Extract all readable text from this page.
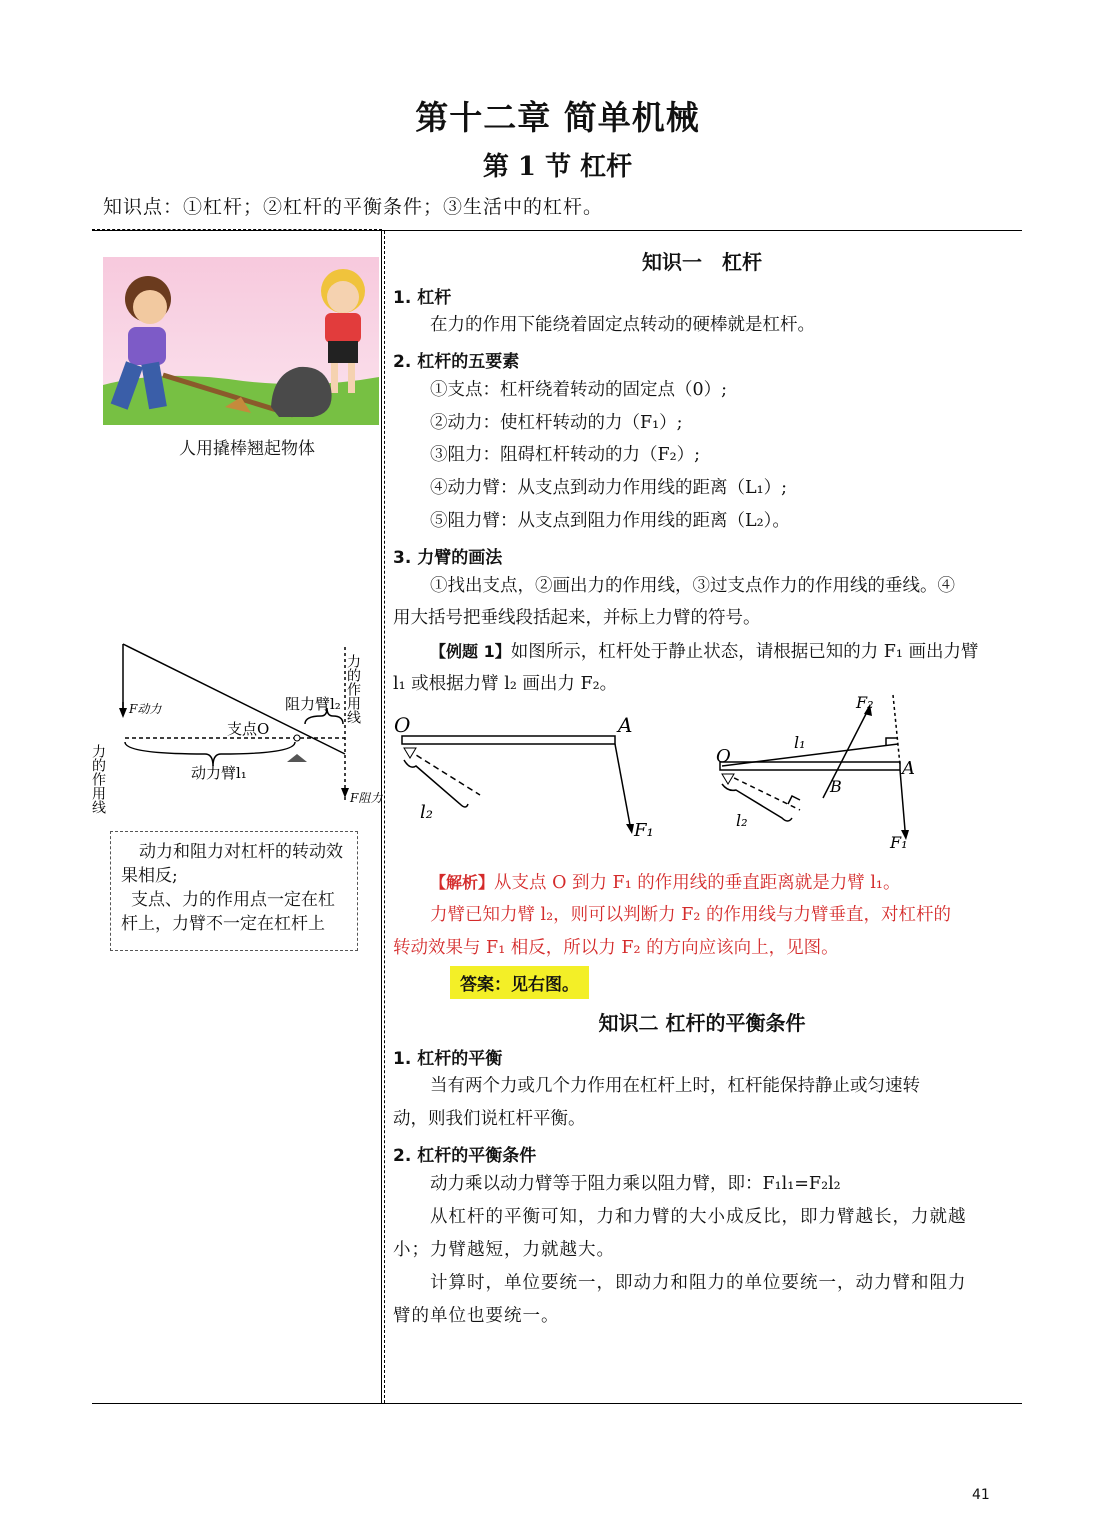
第十二章 简单机械
第 1 节 杠杆
知识点：①杠杆；②杠杆的平衡条件；③生活中的杠杆。
人用撬棒翘起物体
F动力
支点O
阻力臂l₂
动力臂l₁
F阻力
力的作用线
力的作用线
动力和阻力对杠杆的转动效果相反;
支点、力的作用点一定在杠杆上，力臂不一定在杠杆上
知识一　杠杆
1. 杠杆
在力的作用下能绕着固定点转动的硬棒就是杠杆。
2. 杠杆的五要素
①支点：杠杆绕着转动的固定点（0）;
②动力：使杠杆转动的力（F₁）;
③阻力：阻碍杠杆转动的力（F₂）;
④动力臂：从支点到动力作用线的距离（L₁）;
⑤阻力臂：从支点到阻力作用线的距离（L₂）。
3. 力臂的画法
①找出支点，②画出力的作用线，③过支点作力的作用线的垂线。④
用大括号把垂线段括起来，并标上力臂的符号。
【例题 1】如图所示，杠杆处于静止状态，请根据已知的力 F₁ 画出力臂
l₁ 或根据力臂 l₂ 画出力 F₂。
O	A
F₁
l₂
O
A
F₂
l₁
B
F₁
l₂
【解析】从支点 O 到力 F₁ 的作用线的垂直距离就是力臂 l₁。
力臂已知力臂 l₂，则可以判断力 F₂ 的作用线与力臂垂直，对杠杆的
转动效果与 F₁ 相反，所以力 F₂ 的方向应该向上，见图。
答案：见右图。
知识二 杠杆的平衡条件
1. 杠杆的平衡
当有两个力或几个力作用在杠杆上时，杠杆能保持静止或匀速转
动，则我们说杠杆平衡。
2. 杠杆的平衡条件
动力乘以动力臂等于阻力乘以阻力臂，即：F₁l₁=F₂l₂
从杠杆的平衡可知，力和力臂的大小成反比，即力臂越长，力就越
小；力臂越短，力就越大。
计算时，单位要统一，即动力和阻力的单位要统一，动力臂和阻力
臂的单位也要统一。
41
